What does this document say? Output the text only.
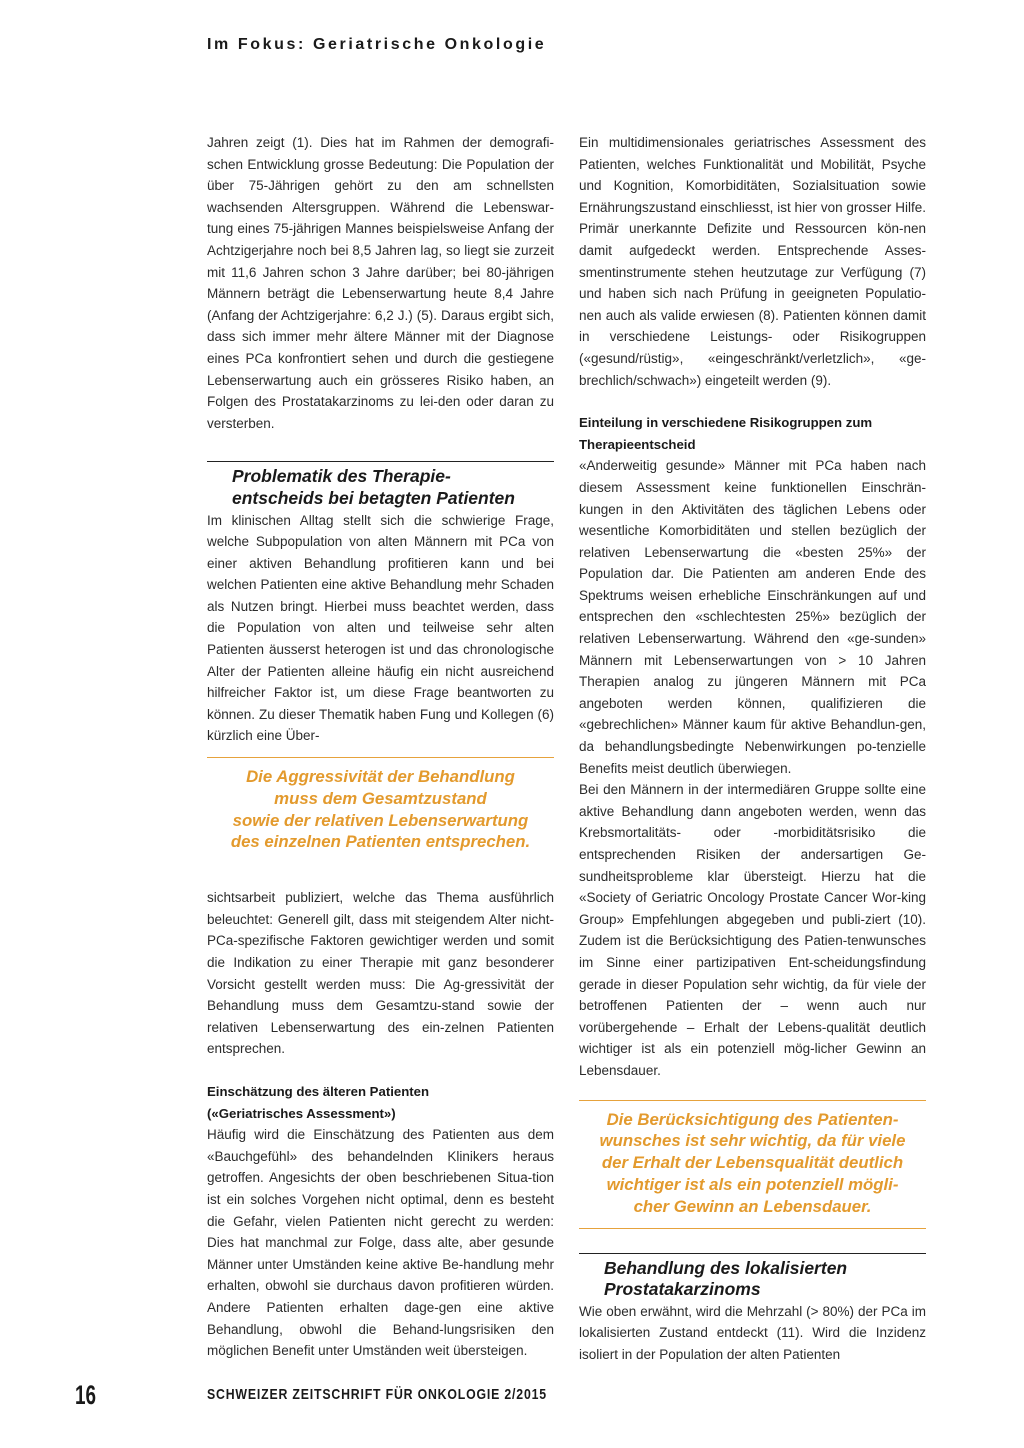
Im Fokus: Geriatrische Onkologie

Jahren zeigt (1). Dies hat im Rahmen der demografi-schen Entwicklung grosse Bedeutung: Die Population der über 75-Jährigen gehört zu den am schnellsten wachsenden Altersgruppen. Während die Lebenswar-tung eines 75-jährigen Mannes beispielsweise Anfang der Achtzigerjahre noch bei 8,5 Jahren lag, so liegt sie zurzeit mit 11,6 Jahren schon 3 Jahre darüber; bei 80-jährigen Männern beträgt die Lebenserwartung heute 8,4 Jahre (Anfang der Achtzigerjahre: 6,2 J.) (5). Daraus ergibt sich, dass sich immer mehr ältere Männer mit der Diagnose eines PCa konfrontiert sehen und durch die gestiegene Lebenserwartung auch ein grösseres Risiko haben, an Folgen des Prostatakarzinoms zu lei-den oder daran zu versterben.

Problematik des Therapie-
entscheids bei betagten Patienten

Im klinischen Alltag stellt sich die schwierige Frage, welche Subpopulation von alten Männern mit PCa von einer aktiven Behandlung profitieren kann und bei welchen Patienten eine aktive Behandlung mehr Schaden als Nutzen bringt. Hierbei muss beachtet werden, dass die Population von alten und teilweise sehr alten Patienten äusserst heterogen ist und das chronologische Alter der Patienten alleine häufig ein nicht ausreichend hilfreicher Faktor ist, um diese Frage beantworten zu können. Zu dieser Thematik haben Fung und Kollegen (6) kürzlich eine Über-

Die Aggressivität der Behandlung
muss dem Gesamtzustand
sowie der relativen Lebenserwartung
des einzelnen Patienten entsprechen.

sichtsarbeit publiziert, welche das Thema ausführlich beleuchtet: Generell gilt, dass mit steigendem Alter nicht-PCa-spezifische Faktoren gewichtiger werden und somit die Indikation zu einer Therapie mit ganz besonderer Vorsicht gestellt werden muss: Die Ag-gressivität der Behandlung muss dem Gesamtzu-stand sowie der relativen Lebenserwartung des ein-zelnen Patienten entsprechen.

Einschätzung des älteren Patienten
(«Geriatrisches Assessment»)

Häufig wird die Einschätzung des Patienten aus dem «Bauchgefühl» des behandelnden Klinikers heraus getroffen. Angesichts der oben beschriebenen Situa-tion ist ein solches Vorgehen nicht optimal, denn es besteht die Gefahr, vielen Patienten nicht gerecht zu werden: Dies hat manchmal zur Folge, dass alte, aber gesunde Männer unter Umständen keine aktive Be-handlung mehr erhalten, obwohl sie durchaus davon profitieren würden. Andere Patienten erhalten dage-gen eine aktive Behandlung, obwohl die Behand-lungsrisiken den möglichen Benefit unter Umständen weit übersteigen.

Ein multidimensionales geriatrisches Assessment des Patienten, welches Funktionalität und Mobilität, Psyche und Kognition, Komorbiditäten, Sozialsituation sowie Ernährungszustand einschliesst, ist hier von grosser Hilfe. Primär unerkannte Defizite und Ressourcen kön-nen damit aufgedeckt werden. Entsprechende Asses-smentinstrumente stehen heutzutage zur Verfügung (7) und haben sich nach Prüfung in geeigneten Populatio-nen auch als valide erwiesen (8). Patienten können damit in verschiedene Leistungs- oder Risikogruppen («gesund/rüstig», «eingeschränkt/verletzlich», «ge-brechlich/schwach») eingeteilt werden (9).

Einteilung in verschiedene Risikogruppen zum
Therapieentscheid

«Anderweitig gesunde» Männer mit PCa haben nach diesem Assessment keine funktionellen Einschrän-kungen in den Aktivitäten des täglichen Lebens oder wesentliche Komorbiditäten und stellen bezüglich der relativen Lebenserwartung die «besten 25%» der Population dar. Die Patienten am anderen Ende des Spektrums weisen erhebliche Einschränkungen auf und entsprechen den «schlechtesten 25%» bezüglich der relativen Lebenserwartung. Während den «ge-sunden» Männern mit Lebenserwartungen von > 10 Jahren Therapien analog zu jüngeren Männern mit PCa angeboten werden können, qualifizieren die «gebrechlichen» Männer kaum für aktive Behandlun-gen, da behandlungsbedingte Nebenwirkungen po-tenzielle Benefits meist deutlich überwiegen.

Bei den Männern in der intermediären Gruppe sollte eine aktive Behandlung dann angeboten werden, wenn das Krebsmortalitäts- oder -morbiditätsrisiko die entsprechenden Risiken der andersartigen Ge-sundheitsprobleme klar übersteigt. Hierzu hat die «Society of Geriatric Oncology Prostate Cancer Wor-king Group» Empfehlungen abgegeben und publi-ziert (10). Zudem ist die Berücksichtigung des Patien-tenwunsches im Sinne einer partizipativen Ent-scheidungsfindung gerade in dieser Population sehr wichtig, da für viele der betroffenen Patienten der – wenn auch nur vorübergehende – Erhalt der Lebens-qualität deutlich wichtiger ist als ein potenziell mög-licher Gewinn an Lebensdauer.

Die Berücksichtigung des Patienten-
wunsches ist sehr wichtig, da für viele
der Erhalt der Lebensqualität deutlich
wichtiger ist als ein potenziell mögli-
cher Gewinn an Lebensdauer.
Behandlung des lokalisierten
Prostatakarzinoms

Wie oben erwähnt, wird die Mehrzahl (> 80%) der PCa im lokalisierten Zustand entdeckt (11). Wird die Inzidenz isoliert in der Population der alten Patienten

16	SCHWEIZER ZEITSCHRIFT FÜR ONKOLOGIE 2/2015
